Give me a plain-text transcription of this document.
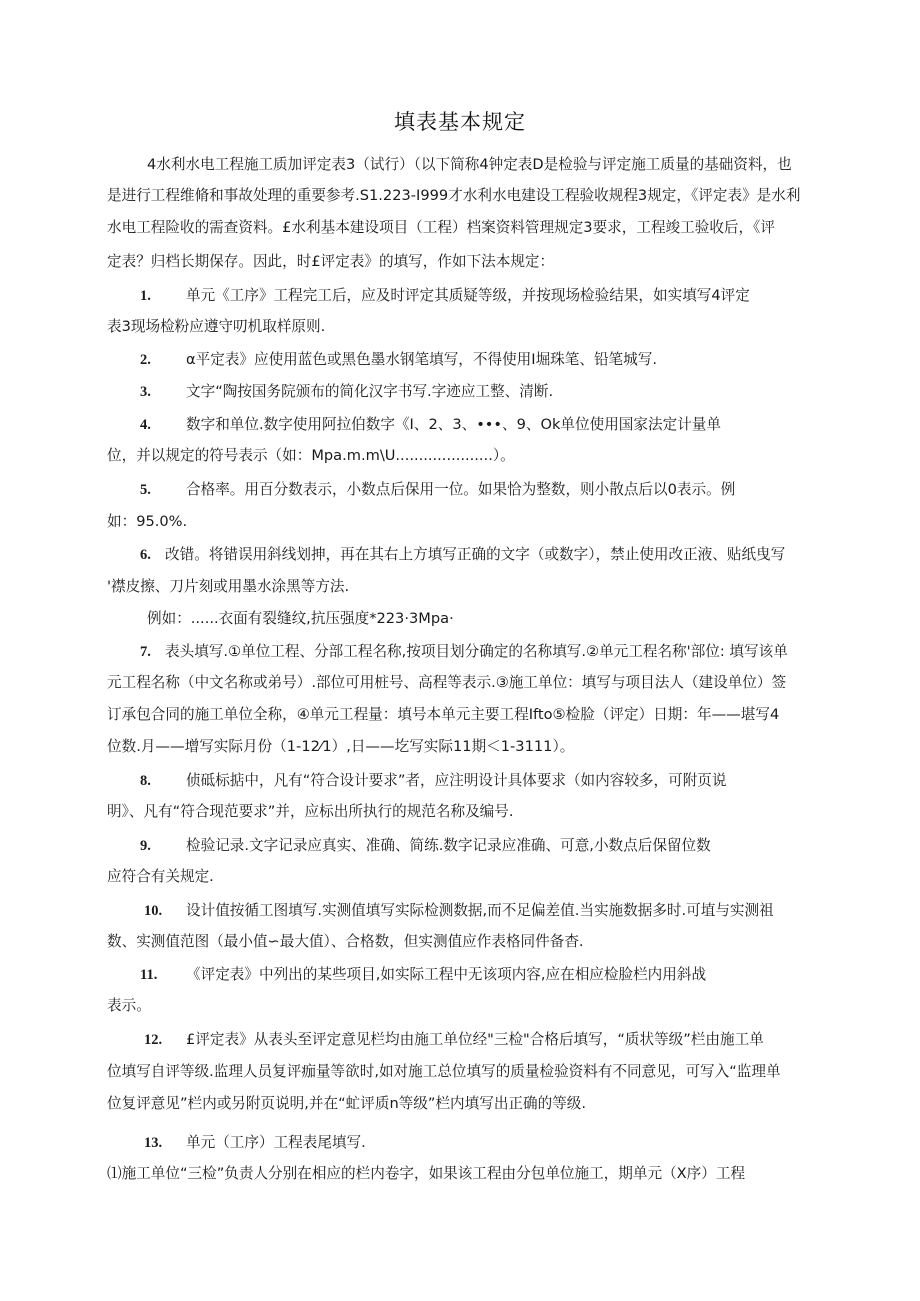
填表基本规定
4水利水电工程施工质加评定表3（试行）（以下简称4钟定表D是检验与评定施工质量的基础资料，也
是进行工程维脩和事故处理的重要参考.S1.223-I999才水利水电建设工程验收规程3规定，《评定表》是水利
水电工程险收的需查资料。£水利基本建设项目（工程）档案资料管理规定3要求，工程竣工验收后，《评
定表？归档长期保存。因此，时£评定表》的填写，作如下法本规定：
1. 单元《工序》工程完工后，应及时评定其质疑等级，并按现场检验结果，如实填写4评定
表3现场检粉应遵守叨机取样原则.
2. α平定表》应使用蓝色或黑色墨水钢笔填写，不得使用I堀珠笔、铅笔城写.
3. 文字“陶按国务院颁布的简化汉字书写.字迹应工整、清断.
4. 数字和单位.数字使用阿拉伯数字《I、2、3、•••、9、Ok单位使用国家法定计量单
位，并以规定的符号表示（如：Mpa.m.m\U.....................）。
5. 合格率。用百分数表示，小数点后保用一位。如果恰为整数，则小散点后以0表示。例
如：95.0%.
6. 改错。将错误用斜线划抻，再在其右上方填写正确的文字（或数字），禁止使用改正液、贴纸曳写
'襟皮擦、刀片刻或用墨水涂黑等方法.
例如：......衣面有裂缝纹,抗压强度*223·3Mpa·
7. 表头填写.①单位工程、分部工程名称,按项目划分确定的名称填写.②单元工程名称'部位: 填写该单
元工程名称（中文名称或弟号）.部位可用桩号、高程等表示.③施工单位：填写与项目法人（建设单位）签
订承包合同的施工单位全称，④单元工程量：填号本单元主要工程Ifto⑤检脸（评定）日期：年——堪写4
位数.月——增写实际月份（1-12⁄1）,日——圪写实际11期＜1-3111）。
8. 侦砥标掂中，凡有“符合设计要求”者，应注明设计具体要求（如内容较多，可附页说
明》、凡有“符合现范要求”并，应标出所执行的规范名称及编号.
9. 检验记录.文字记录应真实、准确、简练.数字记录应准确、可意,小数点后保留位数
应符合有关规定.
10. 设计值按循工图填写.实测值填写实际检测数据,而不足偏差值.当实施数据多时.可埴与实测祖
数、实测值范图（最小值∽最大值）、合格数，但实测值应作表格同件备杳.
11. 《评定表》中列出的某些项目,如实际工程中无该项内容,应在相应检脸栏内用斜战
表示。
12. £评定表》从表头至评定意见栏均由施工单位经"三检"合格后填写，“质状等级”栏由施工单
位填写自评等级.监理人员复评痂量等欲时,如对施工总位填写的质量检验资料有不同意见，可写入“监理单
位复评意见”栏内或另附页说明,并在“虻评质n等级”栏内填写出正确的等级.
13. 单元（工序）工程表尾填写.
⑴施工单位“三检”负责人分别在相应的栏内卷字，如果该工程由分包单位施工，期单元（X序）工程
